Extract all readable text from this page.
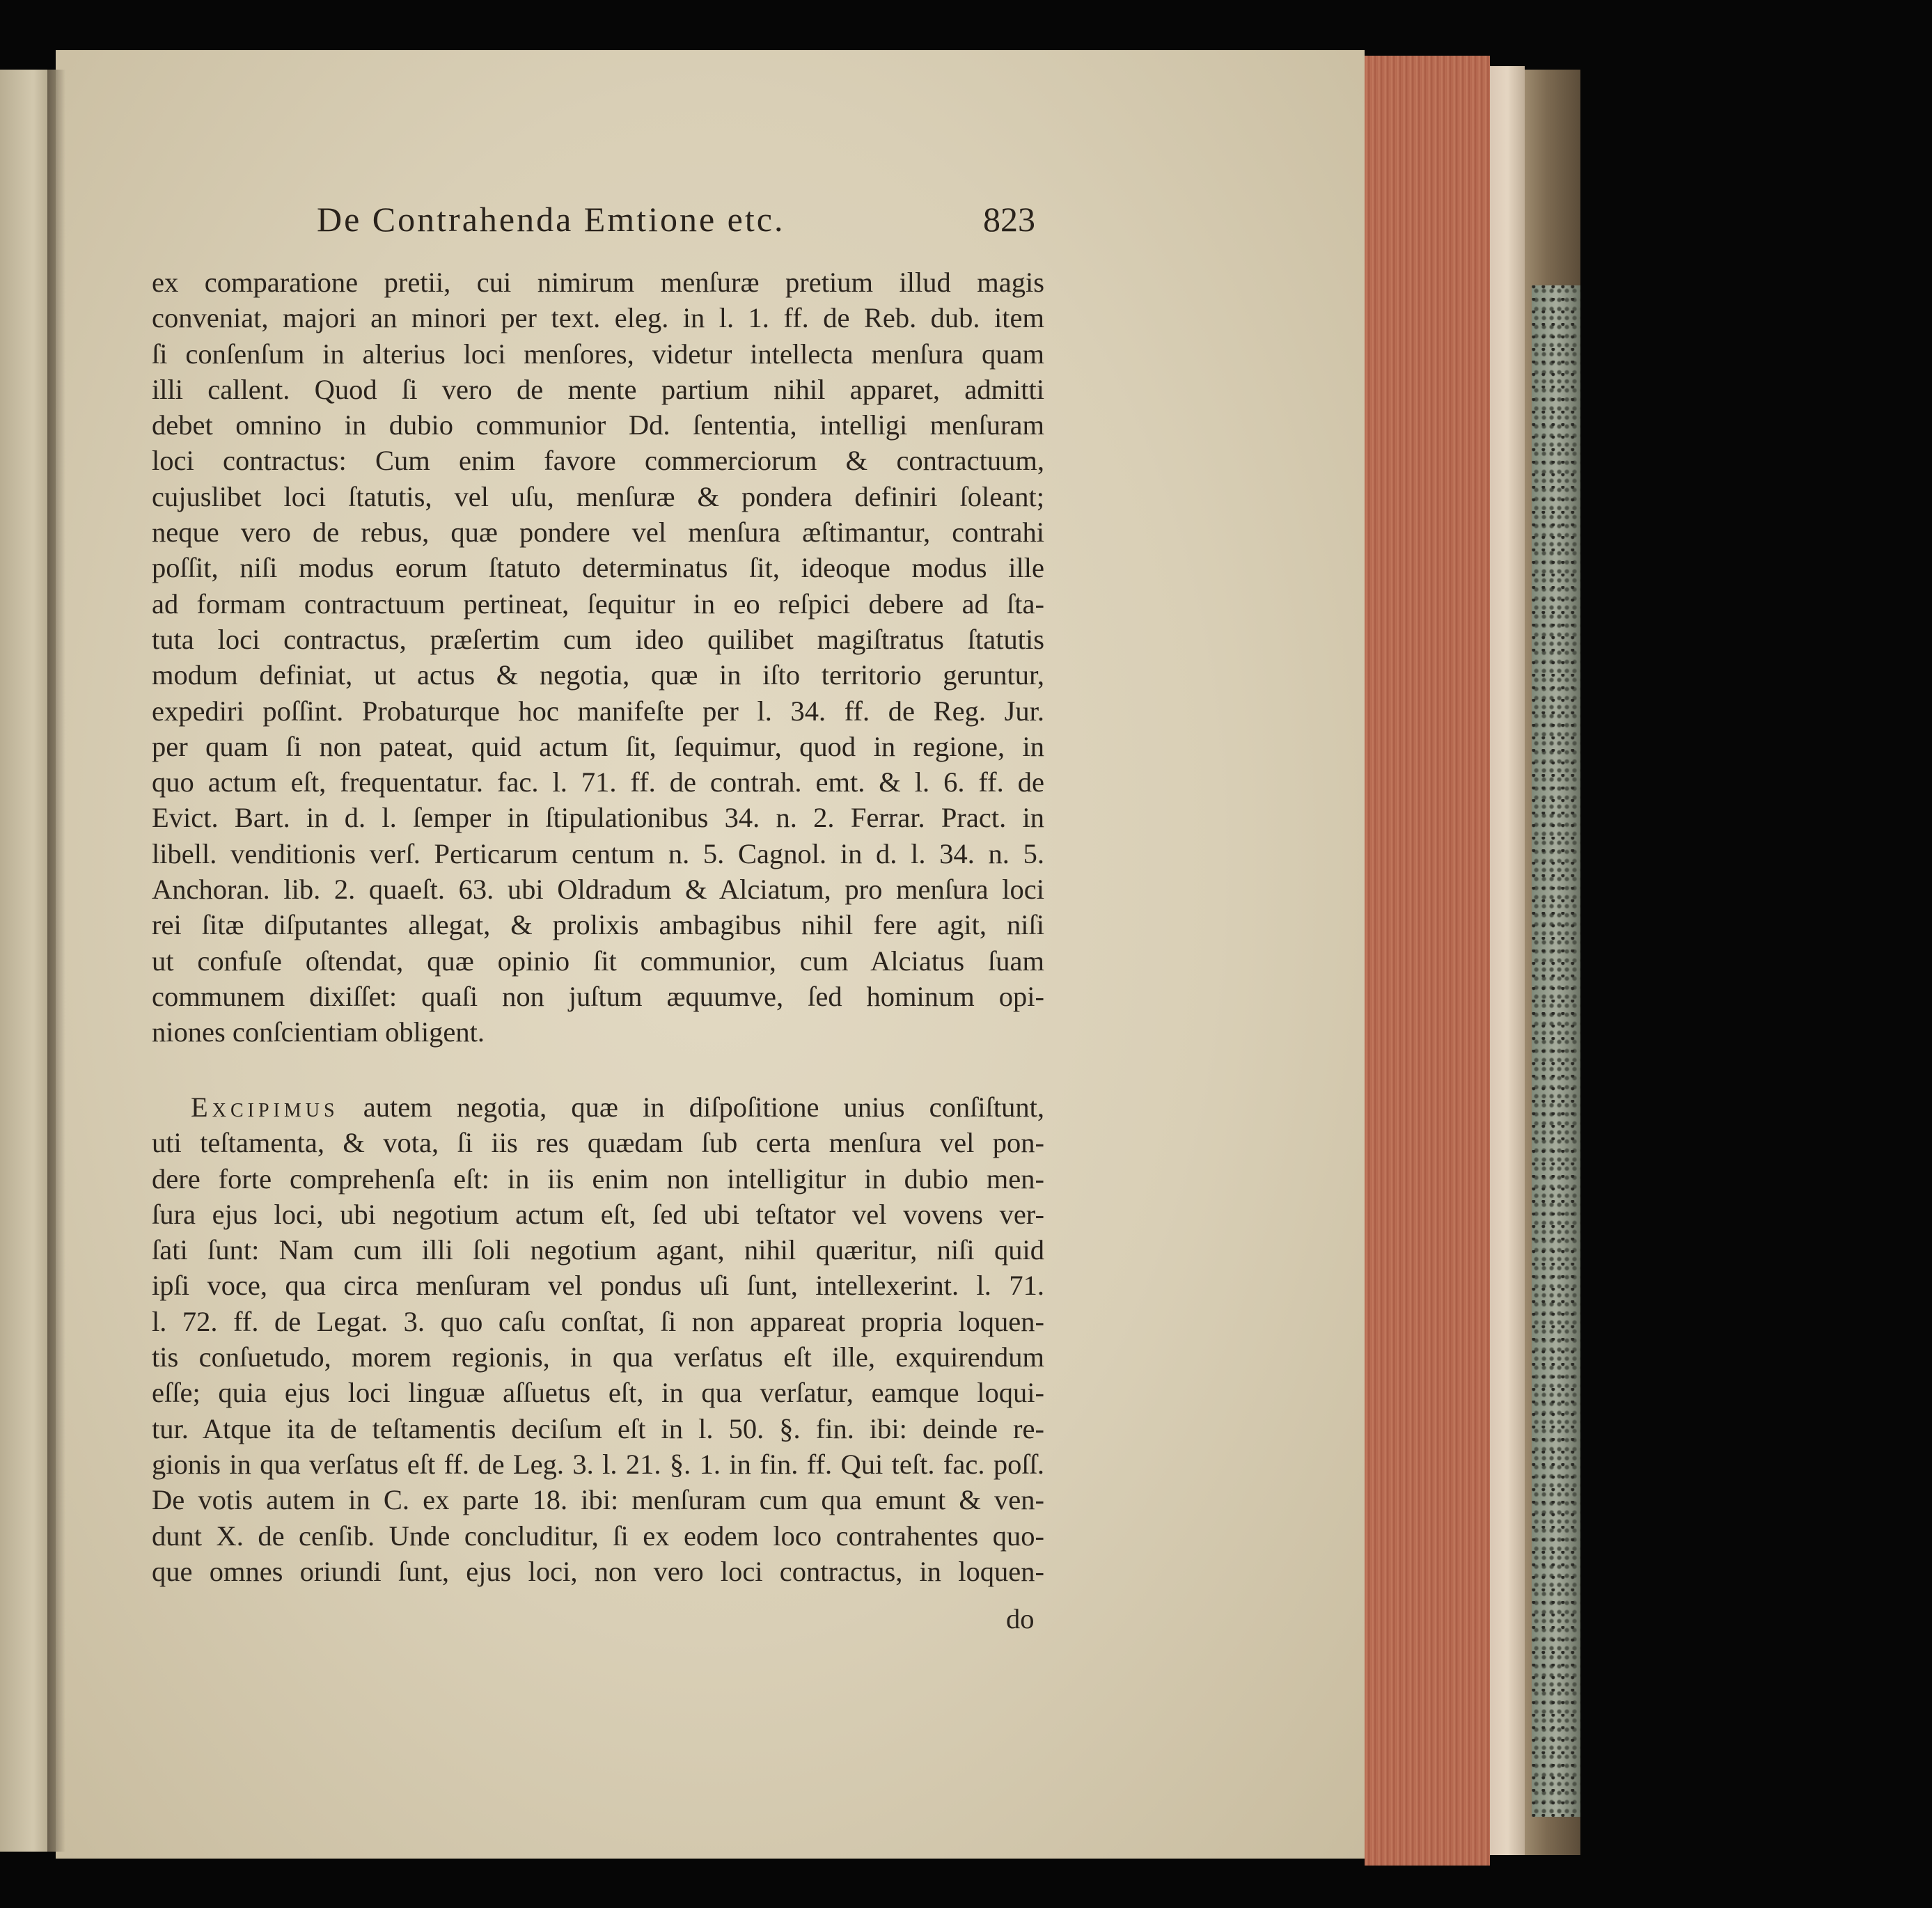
De Contrahenda Emtione etc.	823
ex comparatione pretii, cui nimirum menſuræ pretium illud magis
conveniat, majori an minori per text. eleg. in l. 1. ff. de Reb. dub. item
ſi conſenſum in alterius loci menſores, videtur intellecta menſura quam
illi callent. Quod ſi vero de mente partium nihil apparet, admitti
debet omnino in dubio communior Dd. ſententia, intelligi menſuram
loci contractus: Cum enim favore commerciorum & contractuum,
cujuslibet loci ſtatutis, vel uſu, menſuræ & pondera definiri ſoleant;
neque vero de rebus, quæ pondere vel menſura æſtimantur, contrahi
poſſit, niſi modus eorum ſtatuto determinatus ſit, ideoque modus ille
ad formam contractuum pertineat, ſequitur in eo reſpici debere ad ſta-
tuta loci contractus, præſertim cum ideo quilibet magiſtratus ſtatutis
modum definiat, ut actus & negotia, quæ in iſto territorio geruntur,
expediri poſſint. Probaturque hoc manifeſte per l. 34. ff. de Reg. Jur.
per quam ſi non pateat, quid actum ſit, ſequimur, quod in regione, in
quo actum eſt, frequentatur. fac. l. 71. ff. de contrah. emt. & l. 6. ff. de
Evict. Bart. in d. l. ſemper in ſtipulationibus 34. n. 2. Ferrar. Pract. in
libell. venditionis verſ. Perticarum centum n. 5. Cagnol. in d. l. 34. n. 5.
Anchoran. lib. 2. quaeſt. 63. ubi Oldradum & Alciatum, pro menſura loci
rei ſitæ diſputantes allegat, & prolixis ambagibus nihil fere agit, niſi
ut confuſe oſtendat, quæ opinio ſit communior, cum Alciatus ſuam
communem dixiſſet: quaſi non juſtum æquumve, ſed hominum opi-
niones conſcientiam obligent.
Excipimus autem negotia, quæ in diſpoſitione unius conſiſtunt,
uti teſtamenta, & vota, ſi iis res quædam ſub certa menſura vel pon-
dere forte comprehenſa eſt: in iis enim non intelligitur in dubio men-
ſura ejus loci, ubi negotium actum eſt, ſed ubi teſtator vel vovens ver-
ſati ſunt: Nam cum illi ſoli negotium agant, nihil quæritur, niſi quid
ipſi voce, qua circa menſuram vel pondus uſi ſunt, intellexerint. l. 71.
l. 72. ff. de Legat. 3. quo caſu conſtat, ſi non appareat propria loquen-
tis conſuetudo, morem regionis, in qua verſatus eſt ille, exquirendum
eſſe; quia ejus loci linguæ aſſuetus eſt, in qua verſatur, eamque loqui-
tur. Atque ita de teſtamentis deciſum eſt in l. 50. §. fin. ibi: deinde re-
gionis in qua verſatus eſt ff. de Leg. 3. l. 21. §. 1. in fin. ff. Qui teſt. fac. poſſ.
De votis autem in C. ex parte 18. ibi: menſuram cum qua emunt & ven-
dunt X. de cenſib. Unde concluditur, ſi ex eodem loco contrahentes quo-
que omnes oriundi ſunt, ejus loci, non vero loci contractus, in loquen-
do
